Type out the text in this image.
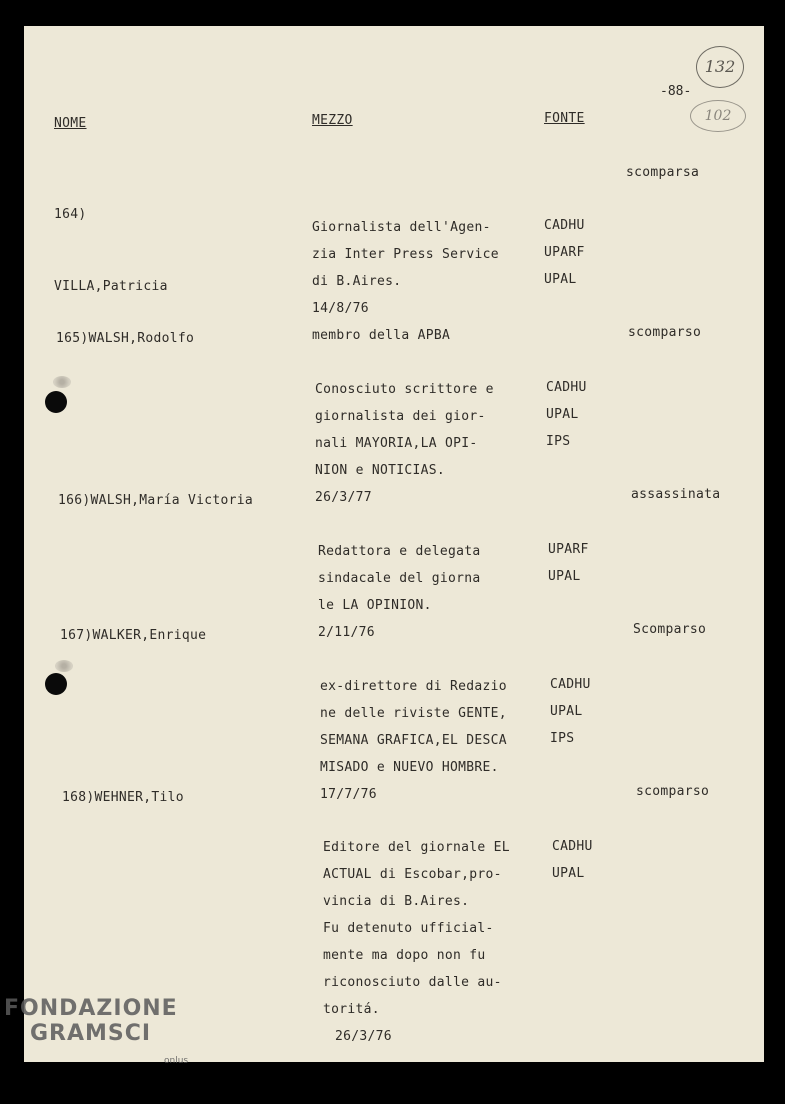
-88-
132
102
NOME	MEZZO	FONTE

164)

VILLA,Patricia

Giornalista dell'Agen-
zia Inter Press Service
di B.Aires.
14/8/76
membro della APBA

CADHU
UPARF
UPAL

scomparsa
165)WALSH,Rodolfo

Conosciuto scrittore e
giornalista dei gior-
nali MAYORIA,LA OPI-
NION e NOTICIAS.
26/3/77

CADHU
UPAL
IPS

scomparso
166)WALSH,María Victoria

Redattora e delegata
sindacale del giorna
le LA OPINION.
2/11/76

UPARF
UPAL

assassinata
167)WALKER,Enrique

ex-direttore di Redazio
ne delle riviste GENTE,
SEMANA GRAFICA,EL DESCA
MISADO e NUEVO HOMBRE.
17/7/76

CADHU
UPAL
IPS

Scomparso
168)WEHNER,Tilo

Editore del giornale EL
ACTUAL di Escobar,pro-
vincia di B.Aires.
Fu detenuto ufficial-
mente ma dopo non fu
riconosciuto dalle au-
toritá.
26/3/76

CADHU
UPAL

scomparso
FONDAZIONE
GRAMSCI
onlus
